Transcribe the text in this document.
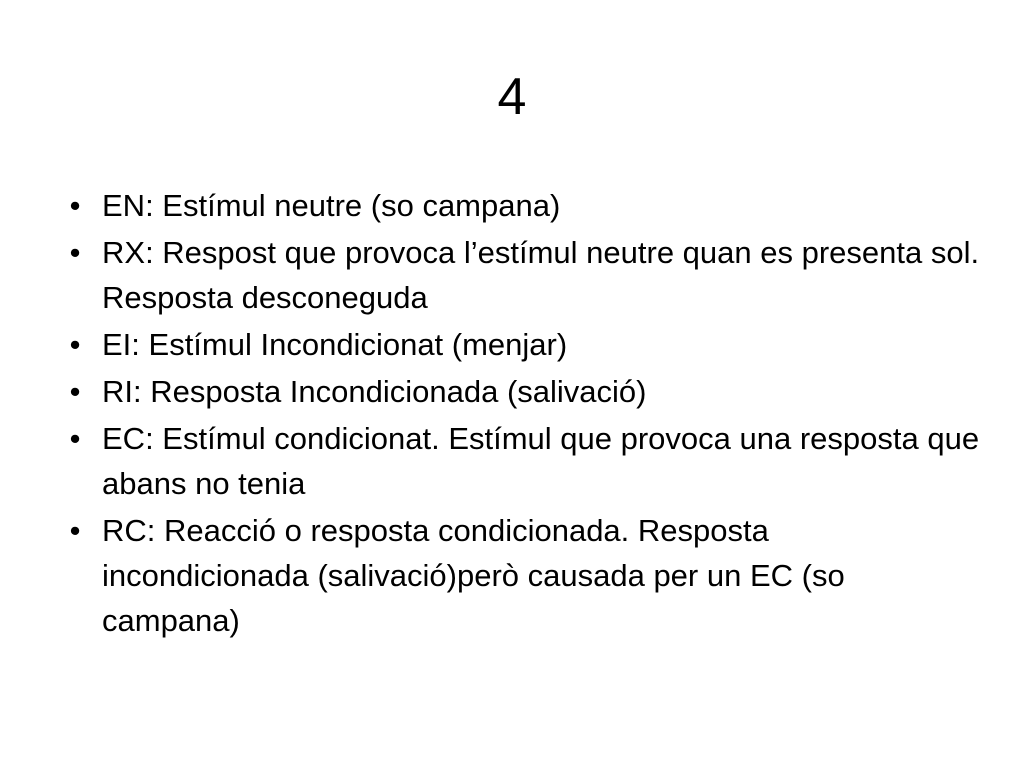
4
• EN: Estímul neutre (so campana)
• RX: Respost que provoca l’estímul neutre quan es presenta sol. Resposta desconeguda
• EI: Estímul Incondicionat (menjar)
• RI: Resposta Incondicionada (salivació)
• EC: Estímul condicionat. Estímul que provoca una resposta que abans no tenia
• RC: Reacció o resposta condicionada. Resposta incondicionada (salivació)però causada per un EC (so campana)
